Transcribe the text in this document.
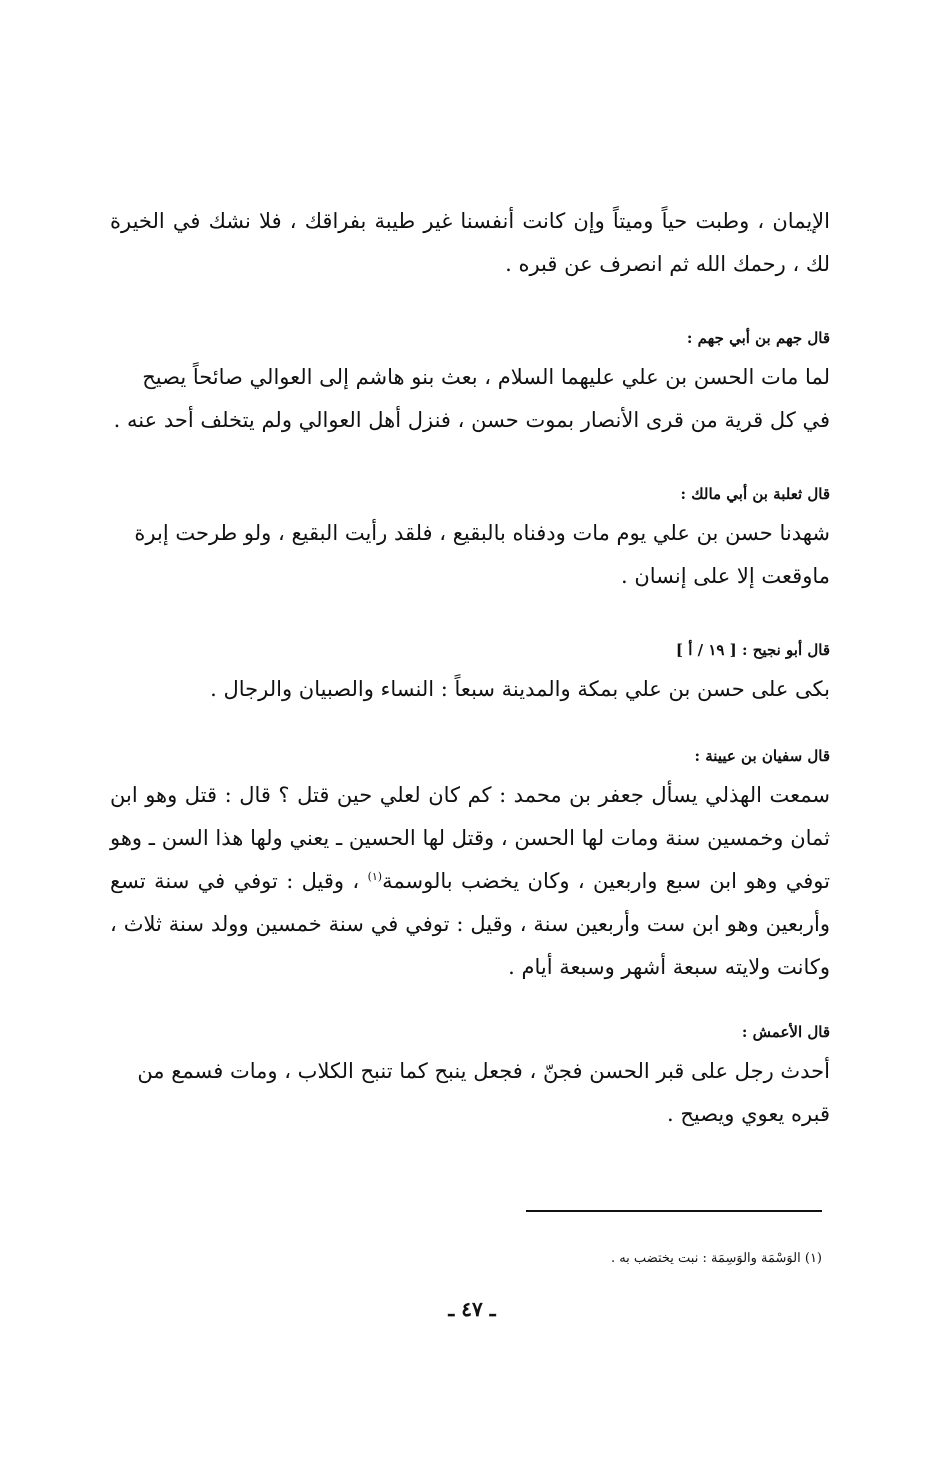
الإيمان ، وطبت حياً وميتاً وإن كانت أنفسنا غير طيبة بفراقك ، فلا نشك في الخيرة لك ، رحمك الله ثم انصرف عن قبره .

قال جهم بن أبي جهم :

لما مات الحسن بن علي عليهما السلام ، بعث بنو هاشم إلى العوالي صائحاً يصيح في كل قرية من قرى الأنصار بموت حسن ، فنزل أهل العوالي ولم يتخلف أحد عنه .

قال ثعلبة بن أبي مالك :

شهدنا حسن بن علي يوم مات ودفناه بالبقيع ، فلقد رأيت البقيع ، ولو طرحت إبرة ماوقعت إلا على إنسان .

قال أبو نجيح : [ ١٩ / أ ]

بكى على حسن بن علي بمكة والمدينة سبعاً : النساء والصبيان والرجال .

قال سفيان بن عيينة :

سمعت الهذلي يسأل جعفر بن محمد : كم كان لعلي حين قتل ؟ قال : قتل وهو ابن ثمان وخمسين سنة ومات لها الحسن ، وقتل لها الحسين ـ يعني ولها هذا السن ـ وهو توفي وهو ابن سبع واربعين ، وكان يخضب بالوسمة$^{(١)}$ ، وقيل : توفي في سنة تسع وأربعين وهو ابن ست وأربعين سنة ، وقيل : توفي في سنة خمسين وولد سنة ثلاث ، وكانت ولايته سبعة أشهر وسبعة أيام .

قال الأعمش :

أحدث رجل على قبر الحسن فجنّ ، فجعل ينبح كما تنبح الكلاب ، ومات فسمع من قبره يعوي ويصيح .

(١) الوَسْمَة والوَسِمَة : نبت يختضب به .
ـ ٤٧ ـ
